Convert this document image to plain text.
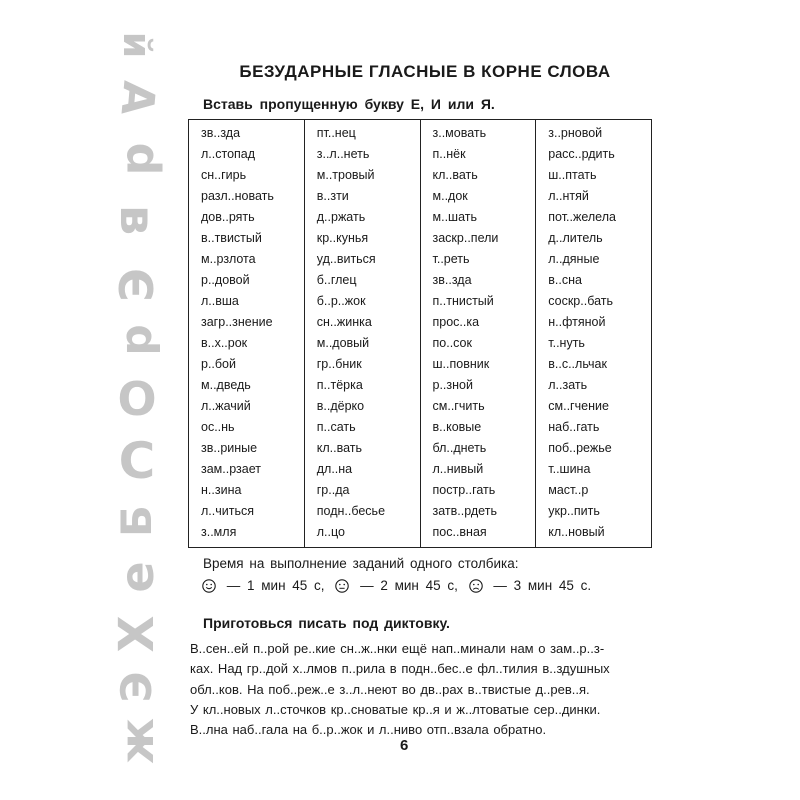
й
А
р
в
Э
р
О
С
Б
е
Х
Э
ж
БЕЗУДАРНЫЕ ГЛАСНЫЕ В КОРНЕ СЛОВА
Вставь пропущенную букву Е, И или Я.
зв..зда
л..стопад
сн..гирь
разл..новать
дов..рять
в..твистый
м..рзлота
р..довой
л..вша
загр..знение
в..х..рок
р..бой
м..дведь
л..жачий
ос..нь
зв..риные
зам..рзает
н..зина
л..читься
з..мля
пт..нец
з..л..неть
м..тровый
в..зти
д..ржать
кр..кунья
уд..виться
б..глец
б..р..жок
сн..жинка
м..довый
гр..бник
п..тёрка
в..дёрко
п..сать
кл..вать
дл..на
гр..да
подн..бесье
л..цо
з..мовать
п..нёк
кл..вать
м..док
м..шать
заскр..пели
т..реть
зв..зда
п..тнистый
прос..ка
по..сок
ш..повник
р..зной
см..гчить
в..ковые
бл..днеть
л..нивый
постр..гать
затв..рдеть
пос..вная
з..рновой
расс..рдить
ш..птать
л..нтяй
пот..желела
д..литель
л..дяные
в..сна
соскр..бать
н..фтяной
т..нуть
в..с..льчак
л..зать
см..гчение
наб..гать
поб..режье
т..шина
маст..р
укр..пить
кл..новый
Время на выполнение заданий одного столбика:
— 1 мин 45 с, — 2 мин 45 с, — 3 мин 45 с.
Приготовься писать под диктовку.
В..сен..ей п..рой ре..кие сн..ж..нки ещё нап..минали нам о зам..р..з-
ках. Над гр..дой х..лмов п..рила в подн..бес..е фл..тилия в..здушных
обл..ков. На поб..реж..е з..л..неют во дв..рах в..твистые д..рев..я.
У кл..новых л..сточков кр..сноватые кр..я и ж..лтоватые сер..динки.
В..лна наб..гала на б..р..жок и л..ниво отп..взала обратно.
6
